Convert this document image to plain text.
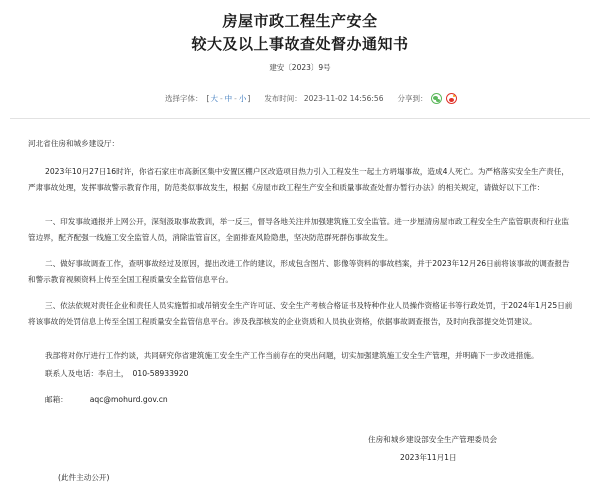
房屋市政工程生产安全
较大及以上事故查处督办通知书
建安〔2023〕9号
选择字体： [ 大 - 中 - 小 ] 发布时间： 2023-11-02 14:56:56 分享到：
河北省住房和城乡建设厅：
2023年10月27日16时许，你省石家庄市高新区集中安置区棚户区改造项目热力引入工程发生一起土方坍塌事故，造成4人死亡。为严格落实安全生产责任，严肃事故处理，发挥事故警示教育作用，防范类似事故发生，根据《房屋市政工程生产安全和质量事故查处督办暂行办法》的相关规定，请做好以下工作：
一、印发事故通报并上网公开，深刻汲取事故教训，举一反三，督导各地关注并加强建筑施工安全监管。进一步厘清房屋市政工程安全生产监管职责和行业监管边界，配齐配强一线施工安全监管人员，消除监管盲区，全面排查风险隐患，坚决防范群死群伤事故发生。
二、做好事故调查工作，查明事故经过及原因，提出改进工作的建议，形成包含图片、影像等资料的事故档案，并于2023年12月26日前将该事故的调查报告和警示教育视频资料上传至全国工程质量安全监管信息平台。
三、依法依规对责任企业和责任人员实施暂扣或吊销安全生产许可证、安全生产考核合格证书及特种作业人员操作资格证书等行政处罚，于2024年1月25日前将该事故的处罚信息上传至全国工程质量安全监管信息平台。涉及我部核发的企业资质和人员执业资格，依据事故调查报告，及时向我部提交处罚建议。
我部将对你厅进行工作约谈，共同研究你省建筑施工安全生产工作当前存在的突出问题，切实加强建筑施工安全生产管理，并明确下一步改进措施。
联系人及电话：李启土， 010-58933920
邮箱：	aqc@mohurd.gov.cn
住房和城乡建设部安全生产管理委员会
2023年11月1日
(此件主动公开)
